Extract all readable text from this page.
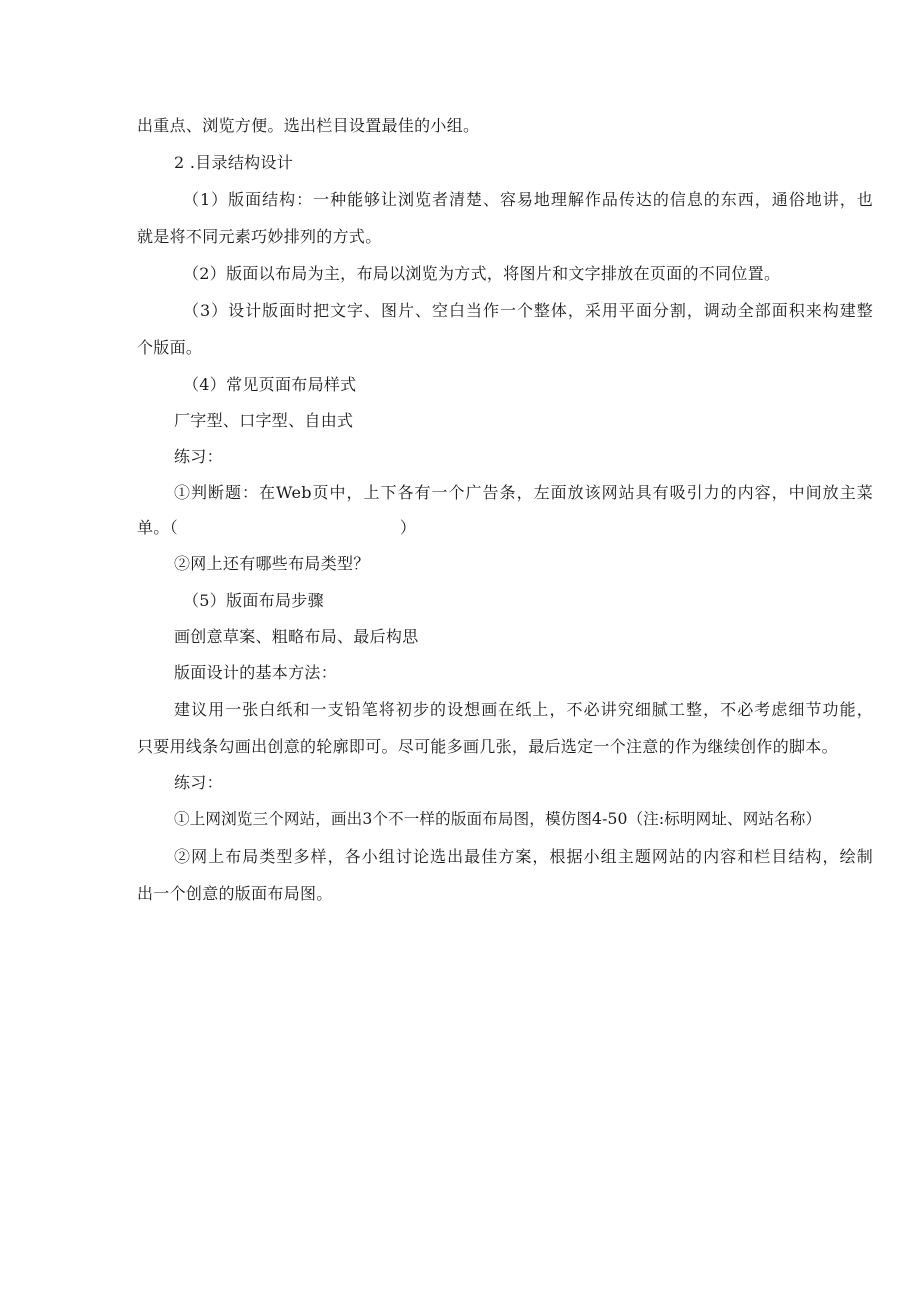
出重点、浏览方便。选出栏目设置最佳的小组。
2 .目录结构设计
（1）版面结构：一种能够让浏览者清楚、容易地理解作品传达的信息的东西，通俗地讲，也
就是将不同元素巧妙排列的方式。
（2）版面以布局为主，布局以浏览为方式，将图片和文字排放在页面的不同位置。
（3）设计版面时把文字、图片、空白当作一个整体，采用平面分割，调动全部面积来构建整
个版面。
（4）常见页面布局样式
厂字型、口字型、自由式
练习：
①判断题：在Web页中，上下各有一个广告条，左面放该网站具有吸引力的内容，中间放主菜
单。（	）
②网上还有哪些布局类型？
（5）版面布局步骤
画创意草案、粗略布局、最后构思
版面设计的基本方法：
建议用一张白纸和一支铅笔将初步的设想画在纸上，不必讲究细腻工整，不必考虑细节功能，
只要用线条勾画出创意的轮廓即可。尽可能多画几张，最后选定一个注意的作为继续创作的脚本。
练习：
①上网浏览三个网站，画出3个不一样的版面布局图，模仿图4-50（注:标明网址、网站名称）
②网上布局类型多样，各小组讨论选出最佳方案，根据小组主题网站的内容和栏目结构，绘制
出一个创意的版面布局图。
